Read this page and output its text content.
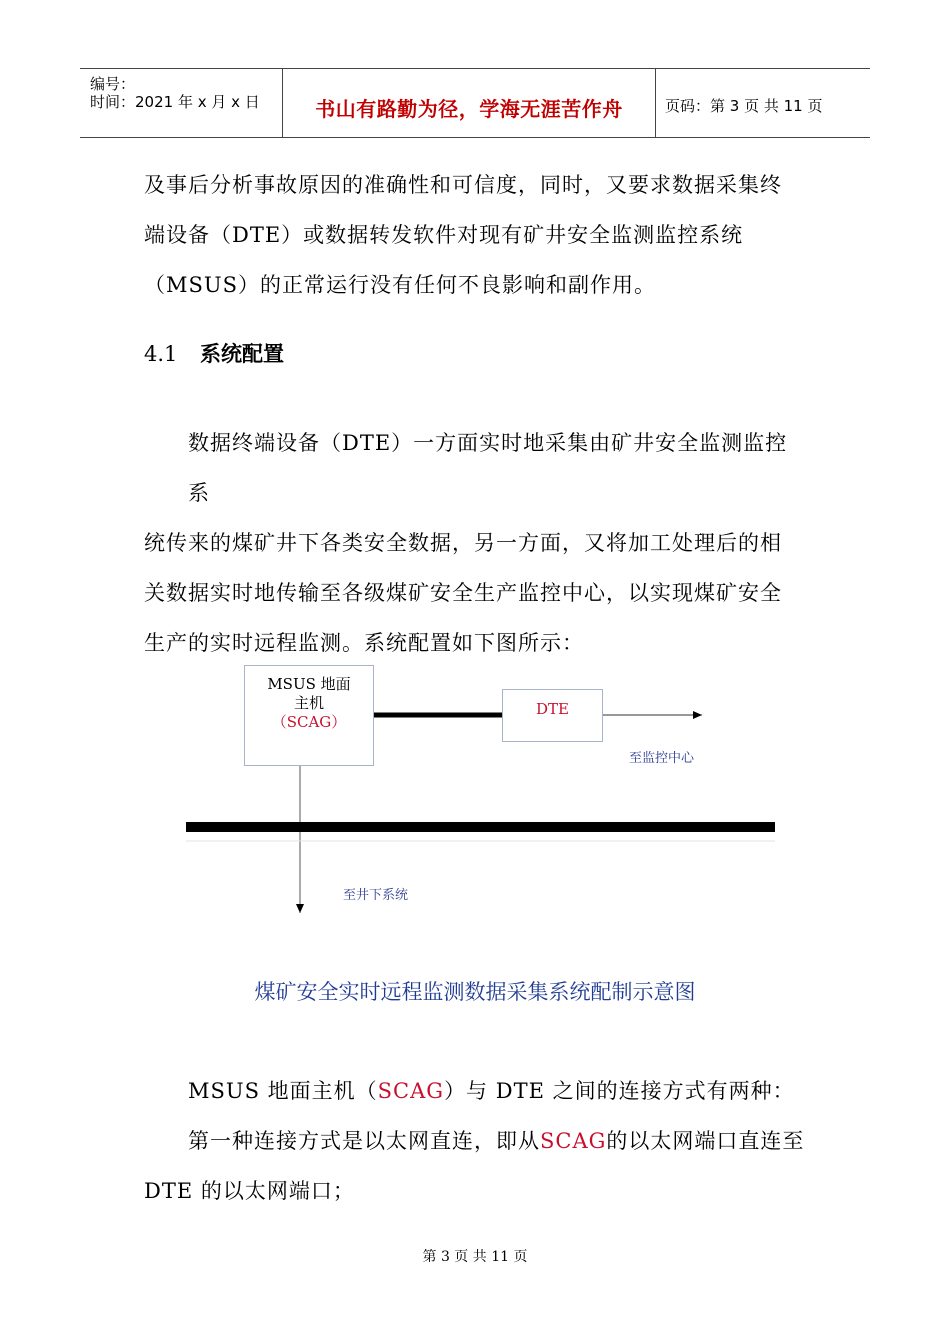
编号：
时间：2021 年 x 月 x 日	书山有路勤为径，学海无涯苦作舟	页码：第 3 页 共 11 页
及事后分析事故原因的准确性和可信度，同时，又要求数据采集终
端设备（DTE）或数据转发软件对现有矿井安全监测监控系统
（MSUS）的正常运行没有任何不良影响和副作用。
4.1 系统配置
数据终端设备（DTE）一方面实时地采集由矿井安全监测监控系
统传来的煤矿井下各类安全数据，另一方面，又将加工处理后的相
关数据实时地传输至各级煤矿安全生产监控中心，以实现煤矿安全
生产的实时远程监测。系统配置如下图所示：
MSUS 地面
主机
（SCAG）
DTE
至监控中心
至井下系统
煤矿安全实时远程监测数据采集系统配制示意图
MSUS 地面主机（SCAG）与 DTE 之间的连接方式有两种：
第一种连接方式是以太网直连，即从SCAG的以太网端口直连至
DTE 的以太网端口；
第 3 页 共 11 页
